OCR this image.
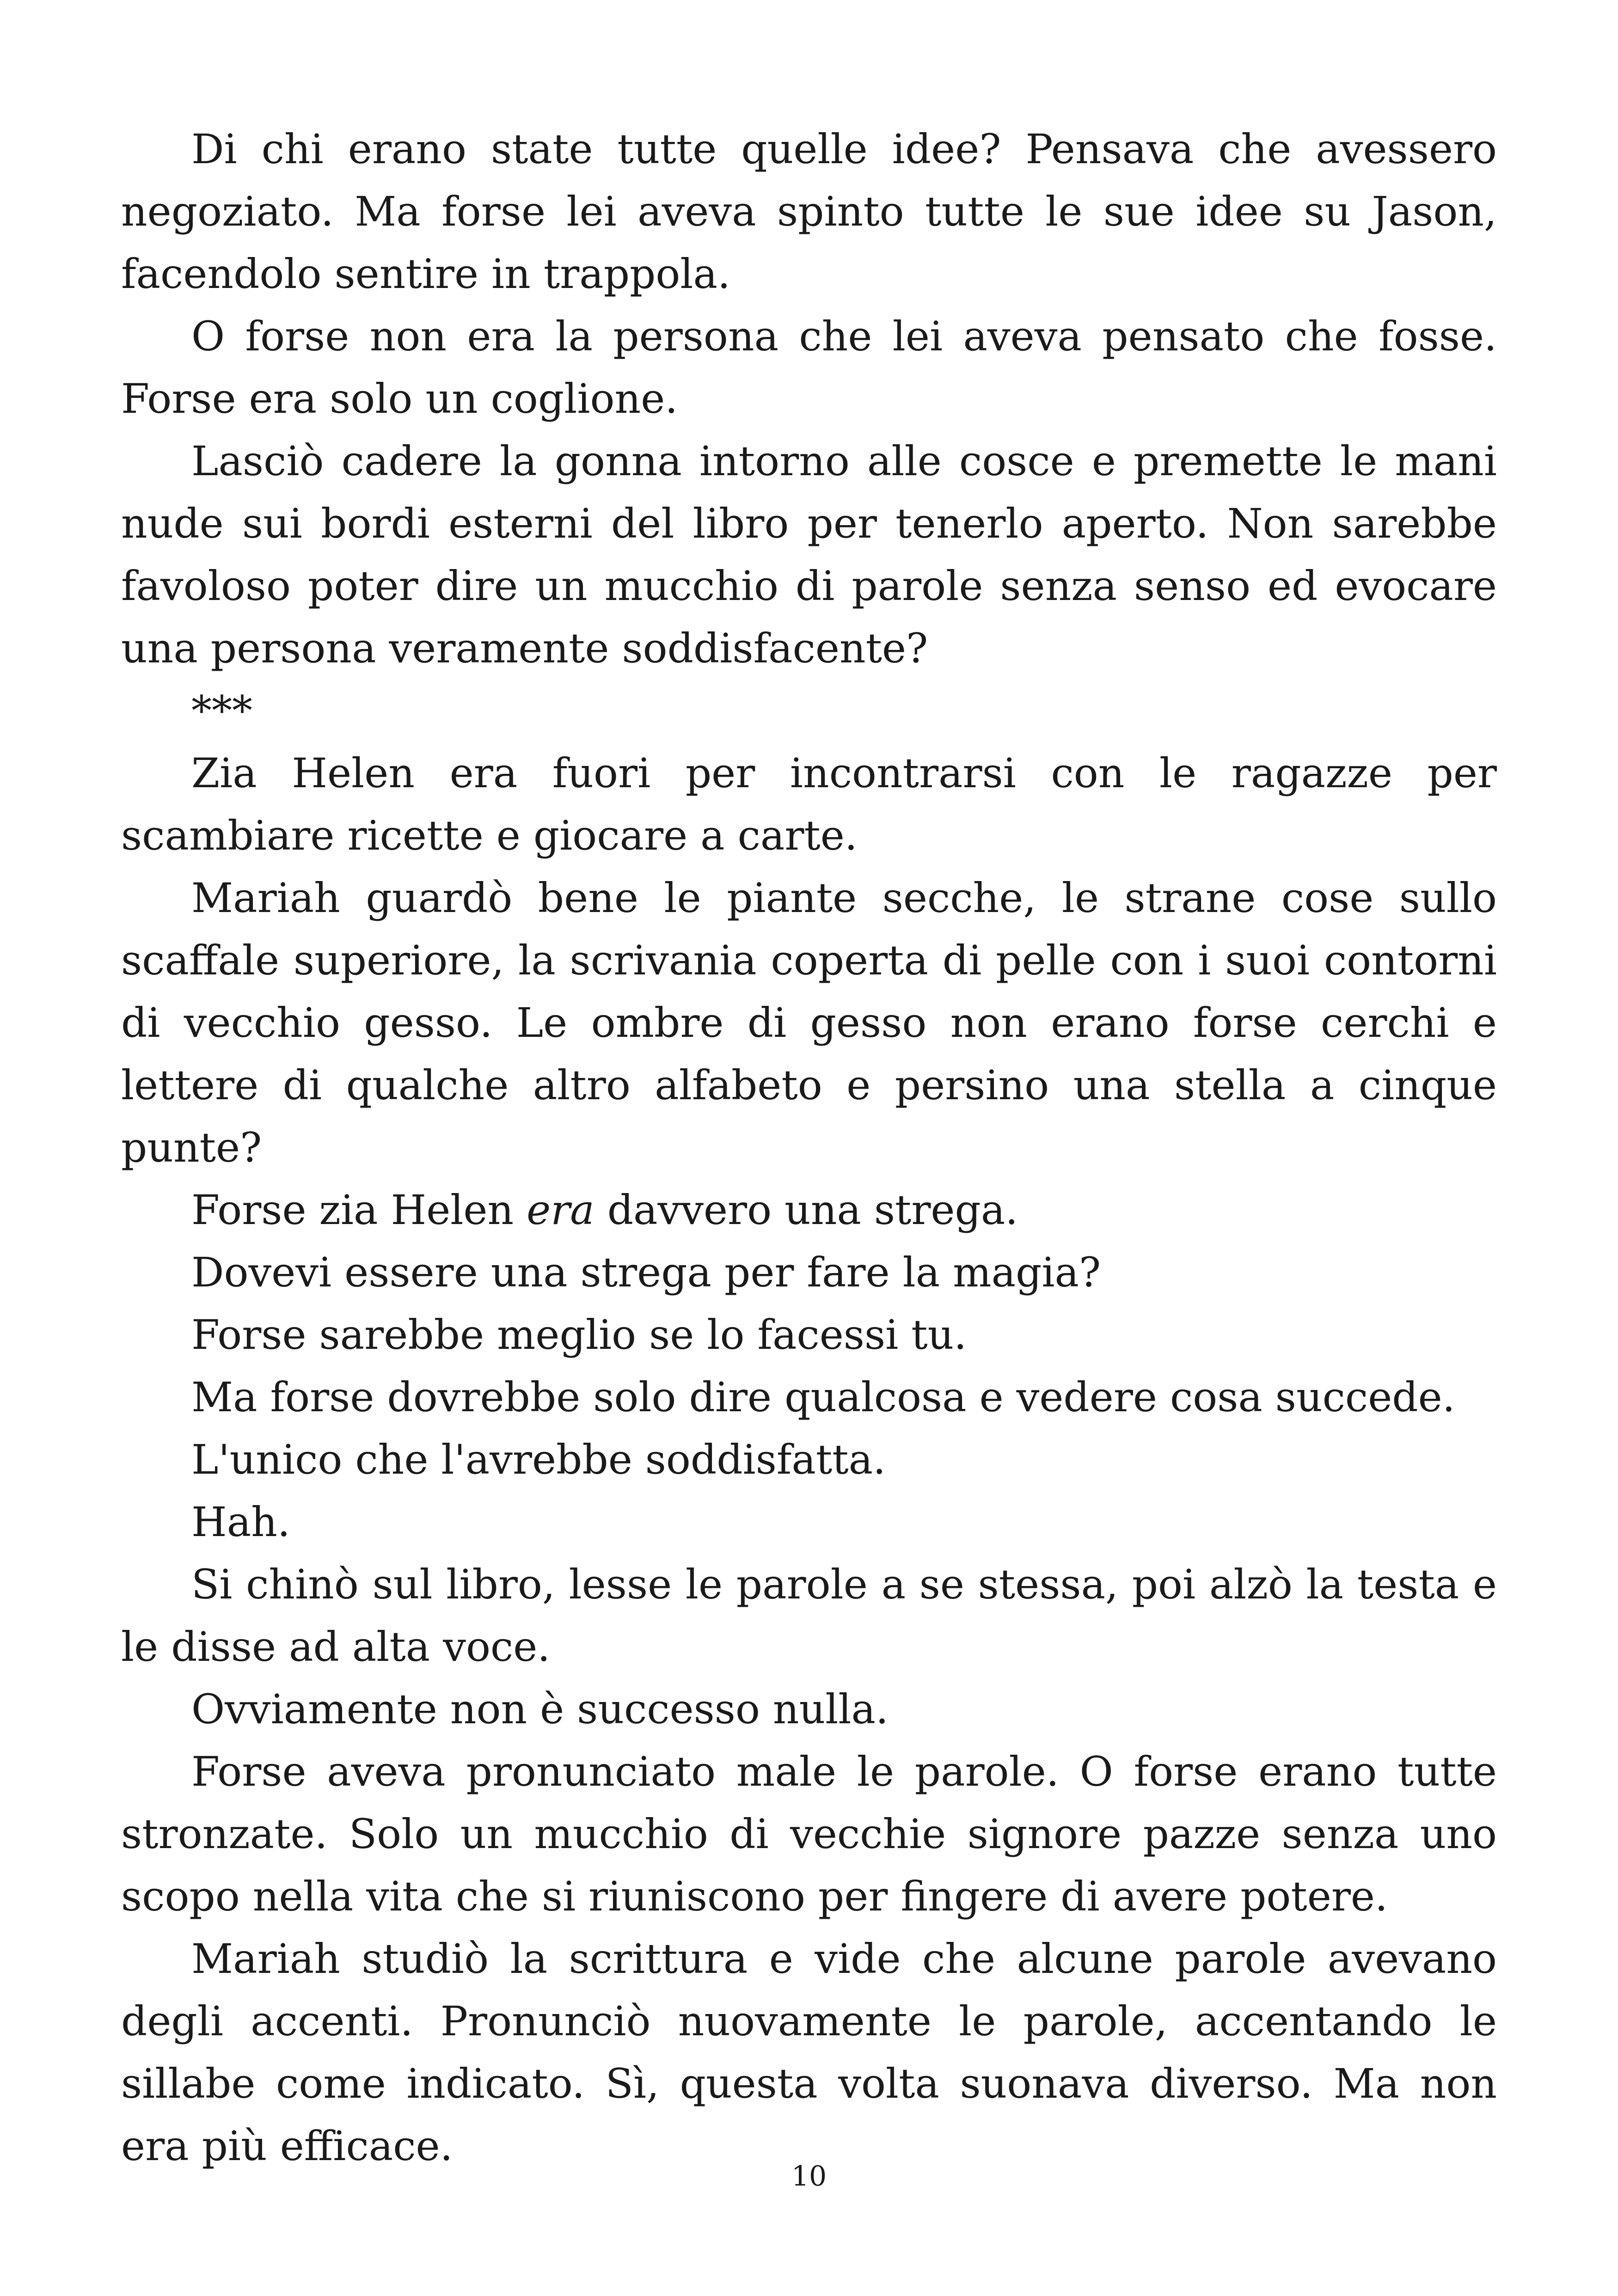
Di chi erano state tutte quelle idee? Pensava che avessero negoziato. Ma forse lei aveva spinto tutte le sue idee su Jason, facendolo sentire in trappola.

O forse non era la persona che lei aveva pensato che fosse. Forse era solo un coglione.

Lasciò cadere la gonna intorno alle cosce e premette le mani nude sui bordi esterni del libro per tenerlo aperto. Non sarebbe favoloso poter dire un mucchio di parole senza senso ed evocare una persona veramente soddisfacente?

***

Zia Helen era fuori per incontrarsi con le ragazze per scambiare ricette e giocare a carte.

Mariah guardò bene le piante secche, le strane cose sullo scaffale superiore, la scrivania coperta di pelle con i suoi contorni di vecchio gesso. Le ombre di gesso non erano forse cerchi e lettere di qualche altro alfabeto e persino una stella a cinque punte?

Forse zia Helen era davvero una strega.

Dovevi essere una strega per fare la magia?

Forse sarebbe meglio se lo facessi tu.

Ma forse dovrebbe solo dire qualcosa e vedere cosa succede.

L'unico che l'avrebbe soddisfatta.

Hah.

Si chinò sul libro, lesse le parole a se stessa, poi alzò la testa e le disse ad alta voce.

Ovviamente non è successo nulla.

Forse aveva pronunciato male le parole. O forse erano tutte stronzate. Solo un mucchio di vecchie signore pazze senza uno scopo nella vita che si riuniscono per fingere di avere potere.

Mariah studiò la scrittura e vide che alcune parole avevano degli accenti. Pronunciò nuovamente le parole, accentando le sillabe come indicato. Sì, questa volta suonava diverso. Ma non era più efficace.

10
